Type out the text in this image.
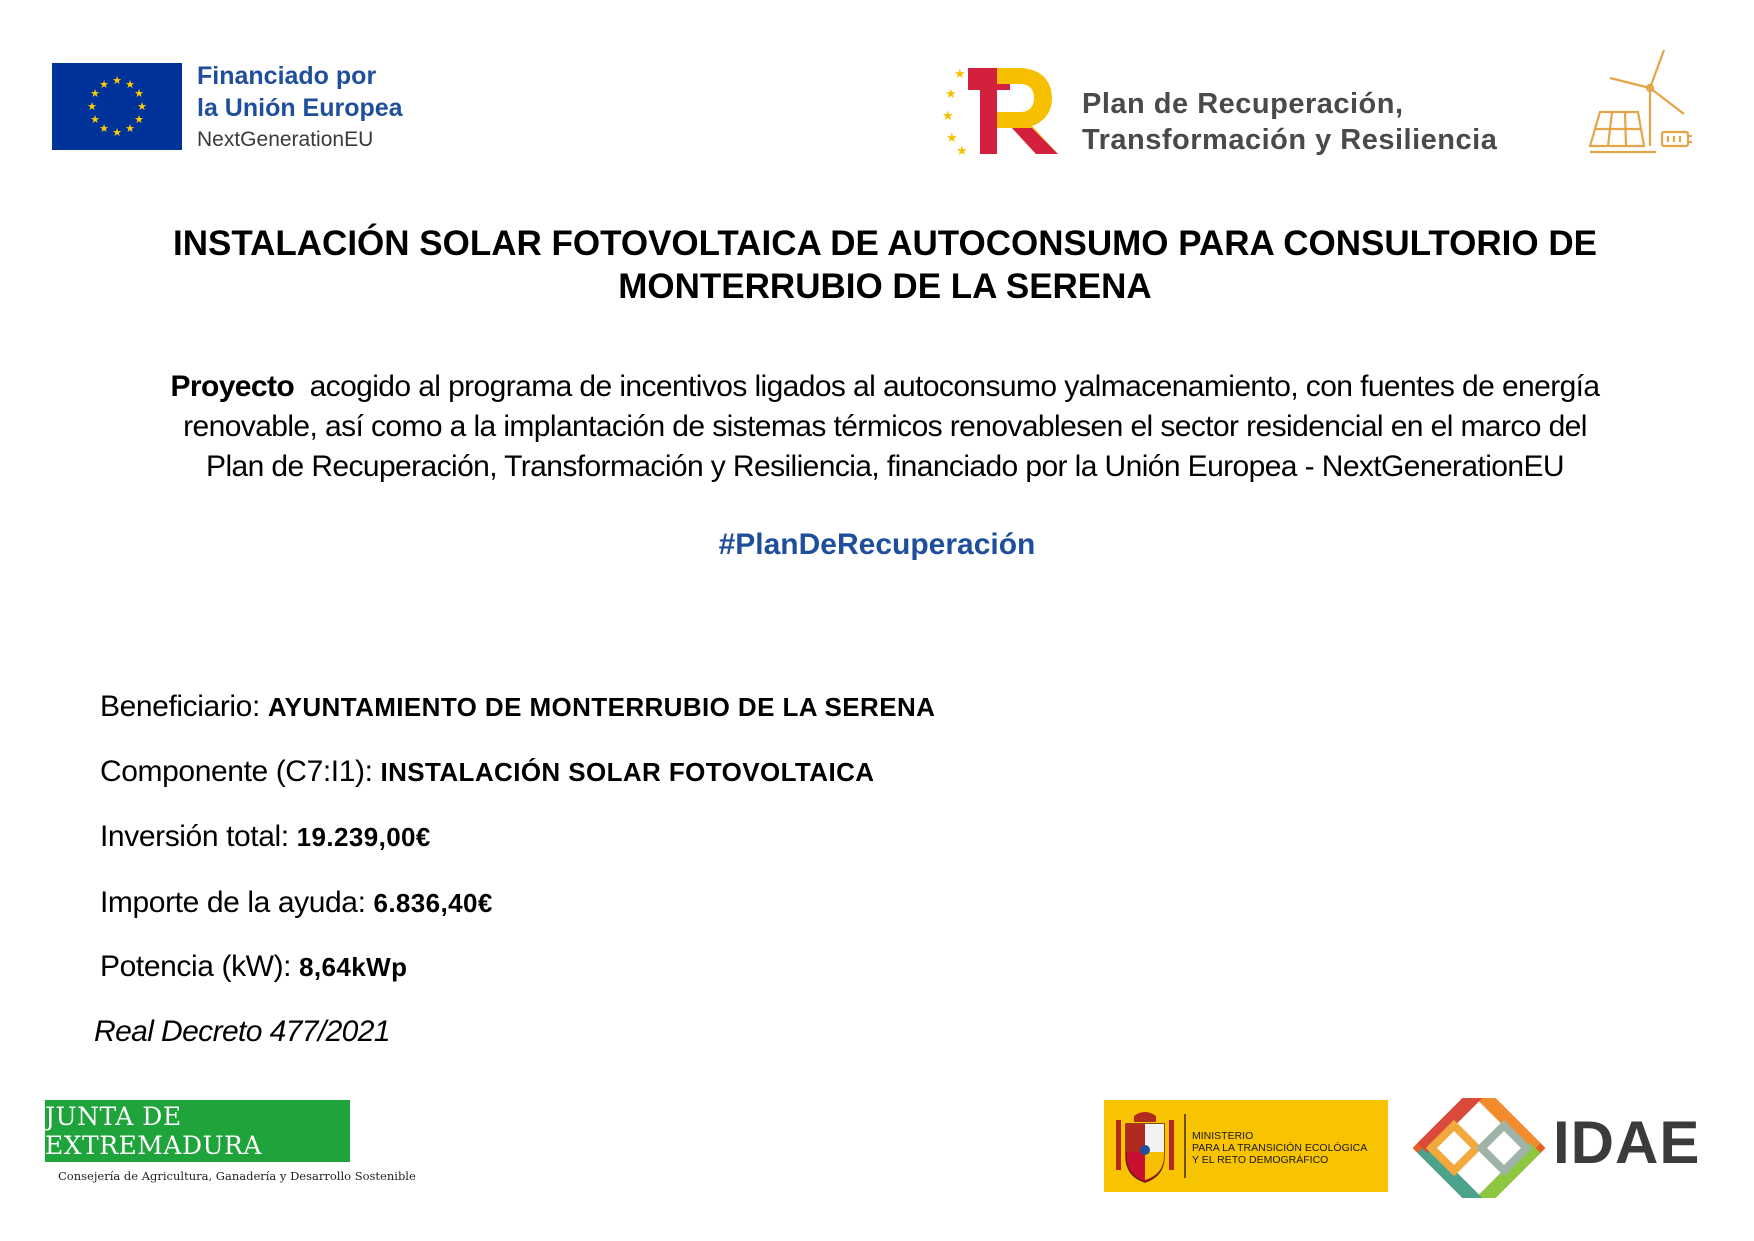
★ ★
★
★
★
★
★
★
★
★
★
★	Financiado por
la Unión Europea
NextGenerationEU
★
★
★
★
★
Plan de Recuperación,
Transformación y Resiliencia
INSTALACIÓN SOLAR FOTOVOLTAICA DE AUTOCONSUMO PARA CONSULTORIO DE
MONTERRUBIO DE LA SERENA
Proyecto acogido al programa de incentivos ligados al autoconsumo yalmacenamiento, con fuentes de energía
renovable, así como a la implantación de sistemas térmicos renovablesen el sector residencial en el marco del
Plan de Recuperación, Transformación y Resiliencia, financiado por la Unión Europea - NextGenerationEU
#PlanDeRecuperación
Beneficiario: AYUNTAMIENTO DE MONTERRUBIO DE LA SERENA
Componente (C7:I1): INSTALACIÓN SOLAR FOTOVOLTAICA
Inversión total: 19.239,00€
Importe de la ayuda: 6.836,40€
Potencia (kW): 8,64kWp
Real Decreto 477/2021
JUNTA DE EXTREMADURA
Consejería de Agricultura, Ganadería y Desarrollo Sostenible
MINISTERIO
PARA LA TRANSICIÓN ECOLÓGICA
Y EL RETO DEMOGRÁFICO	IDAE
